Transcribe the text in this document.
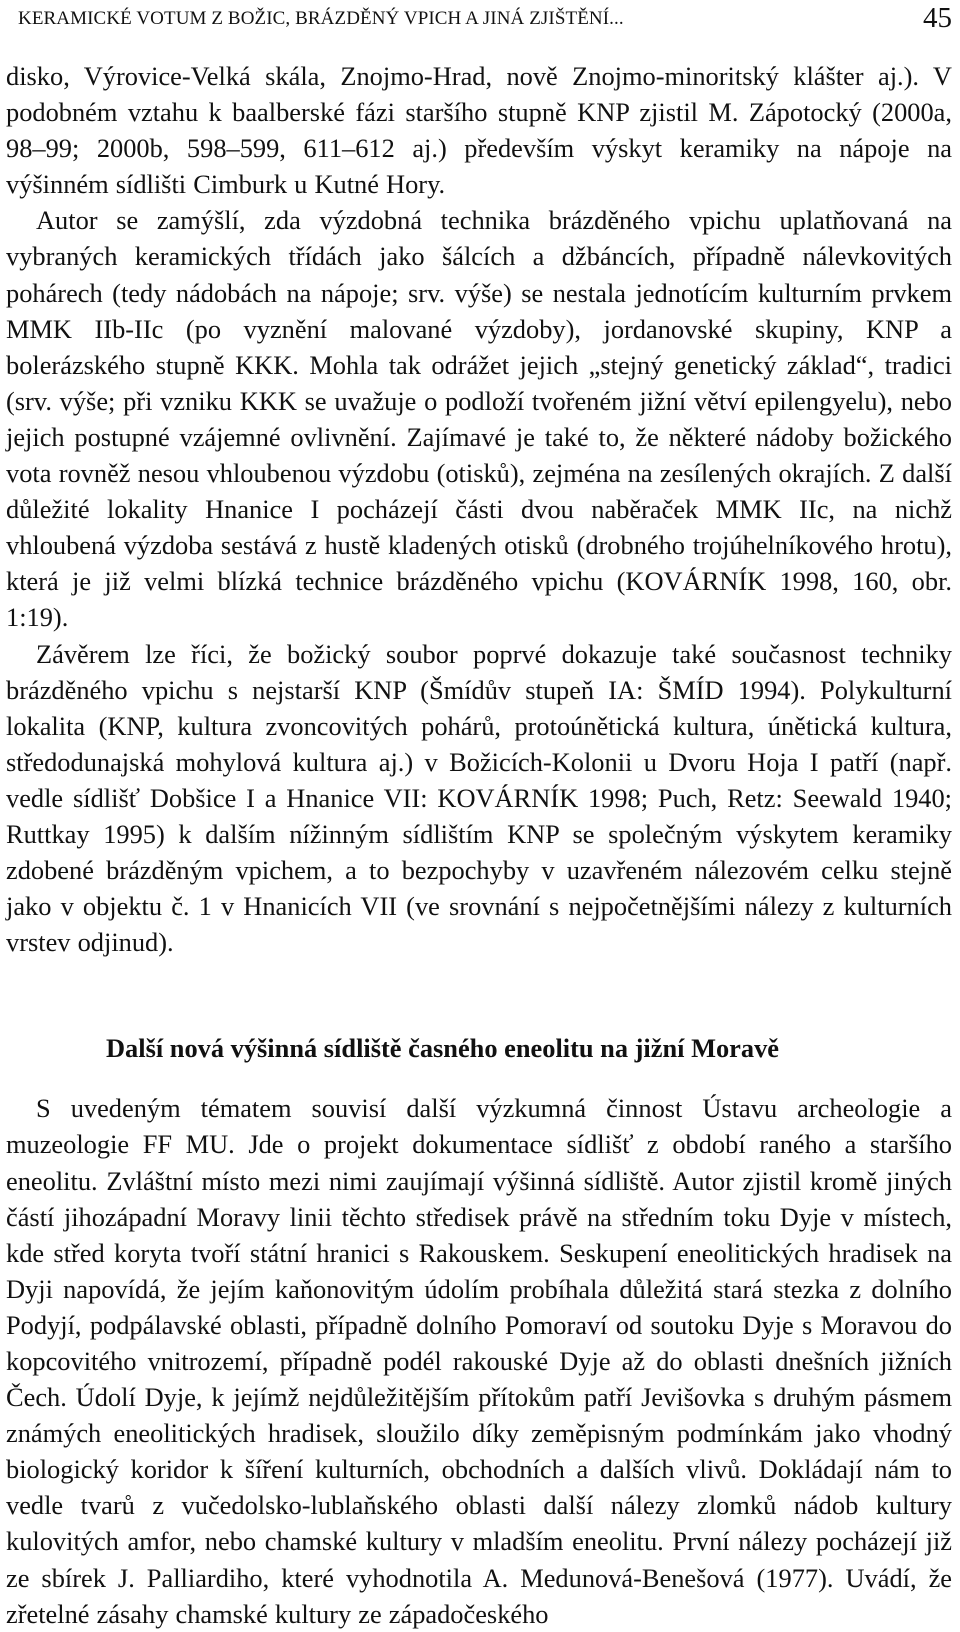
KERAMICKÉ VOTUM Z BOŽIC, BRÁZDĚNÝ VPICH A JINÁ ZJIŠTĚNÍ...	45

disko, Výrovice-Velká skála, Znojmo-Hrad, nově Znojmo-minoritský klášter aj.). V podobném vztahu k baalberské fázi staršího stupně KNP zjistil M. Zápotocký (2000a, 98–99; 2000b, 598–599, 611–612 aj.) především výskyt keramiky na nápoje na výšinném sídlišti Cimburk u Kutné Hory.

Autor se zamýšlí, zda výzdobná technika brázděného vpichu uplatňovaná na vybraných keramických třídách jako šálcích a džbáncích, případně nálevkovitých pohárech (tedy nádobách na nápoje; srv. výše) se nestala jednotícím kulturním prvkem MMK IIb-IIc (po vyznění malované výzdoby), jordanovské skupiny, KNP a bolerázského stupně KKK. Mohla tak odrážet jejich „stejný genetický základ“, tradici (srv. výše; při vzniku KKK se uvažuje o podloží tvořeném jižní větví epilengyelu), nebo jejich postupné vzájemné ovlivnění. Zajímavé je také to, že některé nádoby božického vota rovněž nesou vhloubenou výzdobu (otisků), zejména na zesílených okrajích. Z další důležité lokality Hnanice I pocházejí části dvou naběraček MMK IIc, na nichž vhloubená výzdoba sestává z hustě kladených otisků (drobného trojúhelníkového hrotu), která je již velmi blízká technice brázděného vpichu (KOVÁRNÍK 1998, 160, obr. 1:19).

Závěrem lze říci, že božický soubor poprvé dokazuje také současnost techniky brázděného vpichu s nejstarší KNP (Šmídův stupeň IA: ŠMÍD 1994). Polykulturní lokalita (KNP, kultura zvoncovitých pohárů, protoúnětická kultura, únětická kultura, středodunajská mohylová kultura aj.) v Božicích-Kolonii u Dvoru Hoja I patří (např. vedle sídlišť Dobšice I a Hnanice VII: KOVÁRNÍK 1998; Puch, Retz: Seewald 1940; Ruttkay 1995) k dalším nížinným sídlištím KNP se společným výskytem keramiky zdobené brázděným vpichem, a to bezpochyby v uzavřeném nálezovém celku stejně jako v objektu č. 1 v Hnanicích VII (ve srovnání s nejpočetnějšími nálezy z kulturních vrstev odjinud).

Další nová výšinná sídliště časného eneolitu na jižní Moravě

S uvedeným tématem souvisí další výzkumná činnost Ústavu archeologie a muzeologie FF MU. Jde o projekt dokumentace sídlišť z období raného a staršího eneolitu. Zvláštní místo mezi nimi zaujímají výšinná sídliště. Autor zjistil kromě jiných částí jihozápadní Moravy linii těchto středisek právě na středním toku Dyje v místech, kde střed koryta tvoří státní hranici s Rakouskem. Seskupení eneolitických hradisek na Dyji napovídá, že jejím kaňonovitým údolím probíhala důležitá stará stezka z dolního Podyjí, podpálavské oblasti, případně dolního Pomoraví od soutoku Dyje s Moravou do kopcovitého vnitrozemí, případně podél rakouské Dyje až do oblasti dnešních jižních Čech. Údolí Dyje, k jejímž nejdůležitějším přítokům patří Jevišovka s druhým pásmem známých eneolitických hradisek, sloužilo díky zeměpisným podmínkám jako vhodný biologický koridor k šíření kulturních, obchodních a dalších vlivů. Dokládají nám to vedle tvarů z vučedolsko-lublaňského oblasti další nálezy zlomků nádob kultury kulovitých amfor, nebo chamské kultury v mladším eneolitu. První nálezy pocházejí již ze sbírek J. Palliardiho, které vyhodnotila A. Medunová-Benešová (1977). Uvádí, že zřetelné zásahy chamské kultury ze západočeského
